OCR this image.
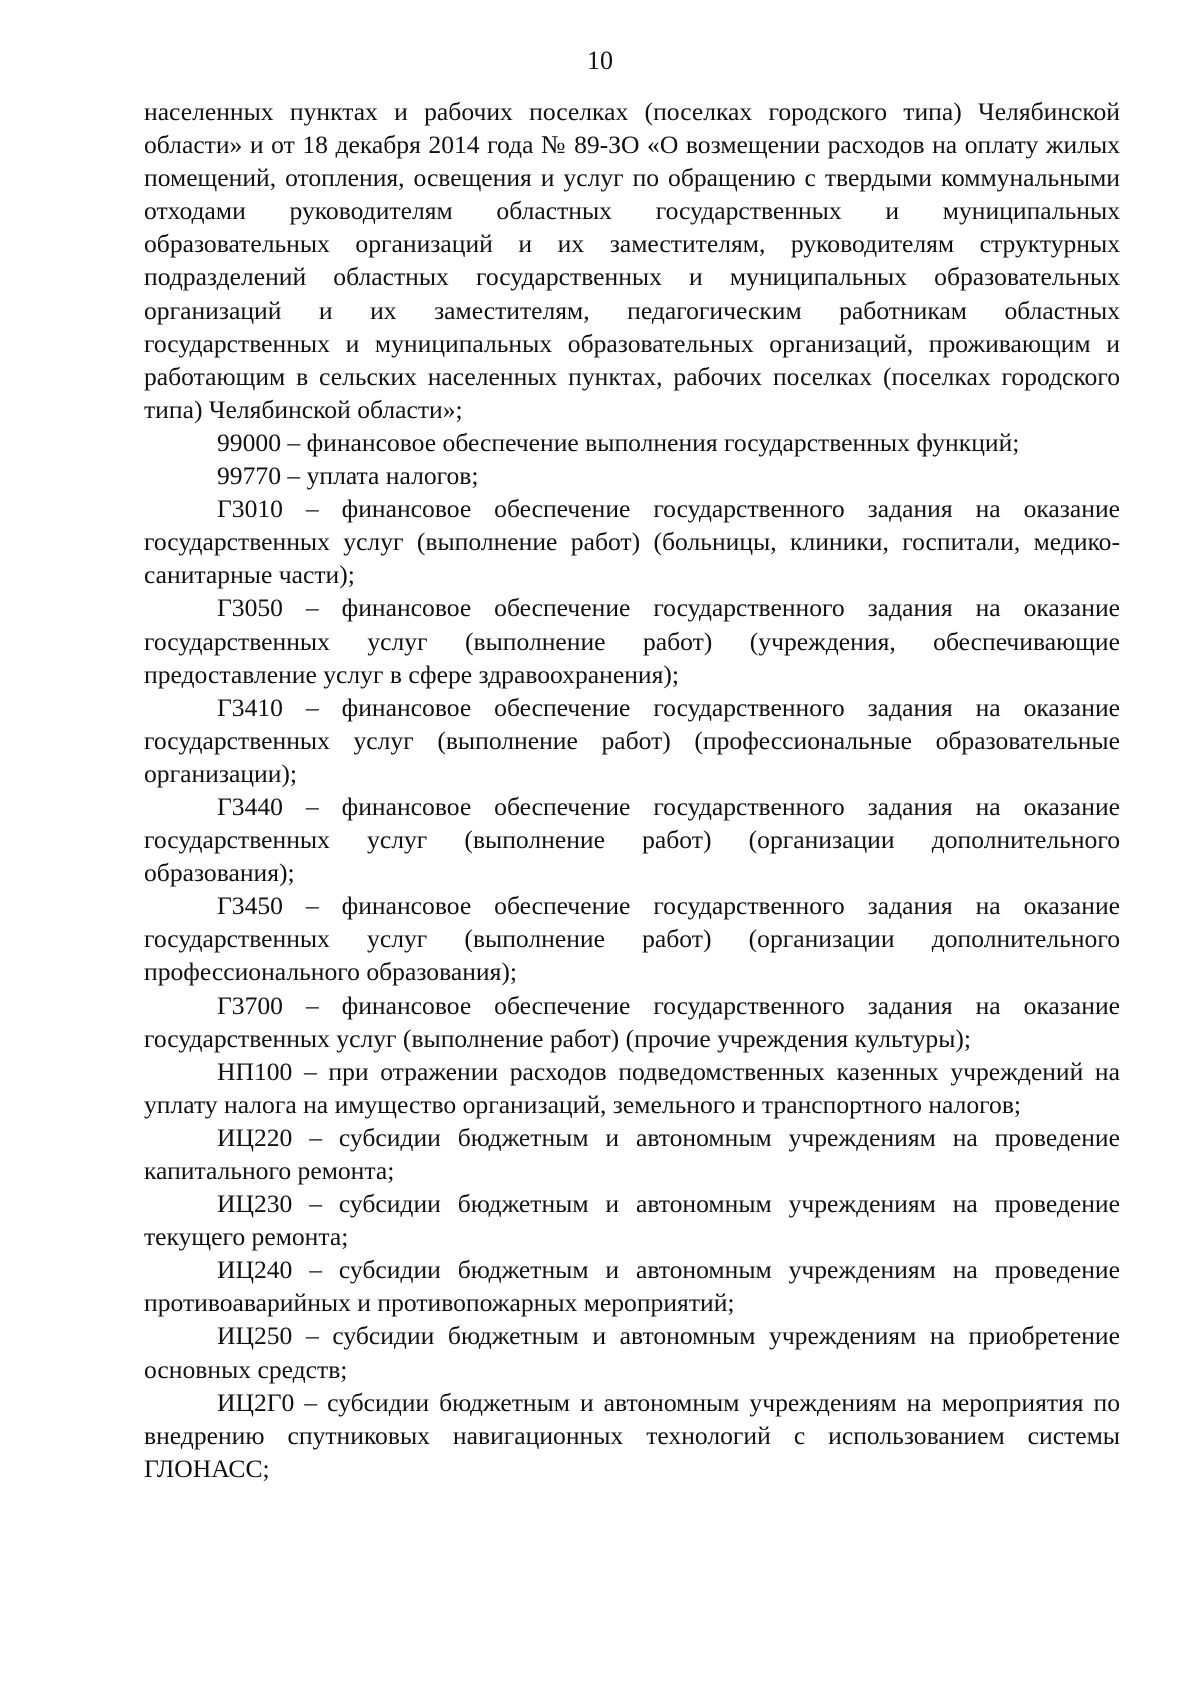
10

населенных пунктах и рабочих поселках (поселках городского типа) Челябинской области» и от 18 декабря 2014 года № 89-ЗО «О возмещении расходов на оплату жилых помещений, отопления, освещения и услуг по обращению с твердыми коммунальными отходами руководителям областных государственных и муниципальных образовательных организаций и их заместителям, руководителям структурных подразделений областных государственных и муниципальных образовательных организаций и их заместителям, педагогическим работникам областных государственных и муниципальных образовательных организаций, проживающим и работающим в сельских населенных пунктах, рабочих поселках (поселках городского типа) Челябинской области»;

99000 – финансовое обеспечение выполнения государственных функций;

99770 – уплата налогов;

Г3010 – финансовое обеспечение государственного задания на оказание государственных услуг (выполнение работ) (больницы, клиники, госпитали, медико-санитарные части);

Г3050 – финансовое обеспечение государственного задания на оказание государственных услуг (выполнение работ) (учреждения, обеспечивающие предоставление услуг в сфере здравоохранения);

Г3410 – финансовое обеспечение государственного задания на оказание государственных услуг (выполнение работ) (профессиональные образовательные организации);

Г3440 – финансовое обеспечение государственного задания на оказание государственных услуг (выполнение работ) (организации дополнительного образования);

Г3450 – финансовое обеспечение государственного задания на оказание государственных услуг (выполнение работ) (организации дополнительного профессионального образования);

Г3700 – финансовое обеспечение государственного задания на оказание государственных услуг (выполнение работ) (прочие учреждения культуры);

НП100 – при отражении расходов подведомственных казенных учреждений на уплату налога на имущество организаций, земельного и транспортного налогов;

ИЦ220 – субсидии бюджетным и автономным учреждениям на проведение капитального ремонта;

ИЦ230 – субсидии бюджетным и автономным учреждениям на проведение текущего ремонта;

ИЦ240 – субсидии бюджетным и автономным учреждениям на проведение противоаварийных и противопожарных мероприятий;

ИЦ250 – субсидии бюджетным и автономным учреждениям на приобретение основных средств;

ИЦ2Г0 – субсидии бюджетным и автономным учреждениям на мероприятия по внедрению спутниковых навигационных технологий с использованием системы ГЛОНАСС;
